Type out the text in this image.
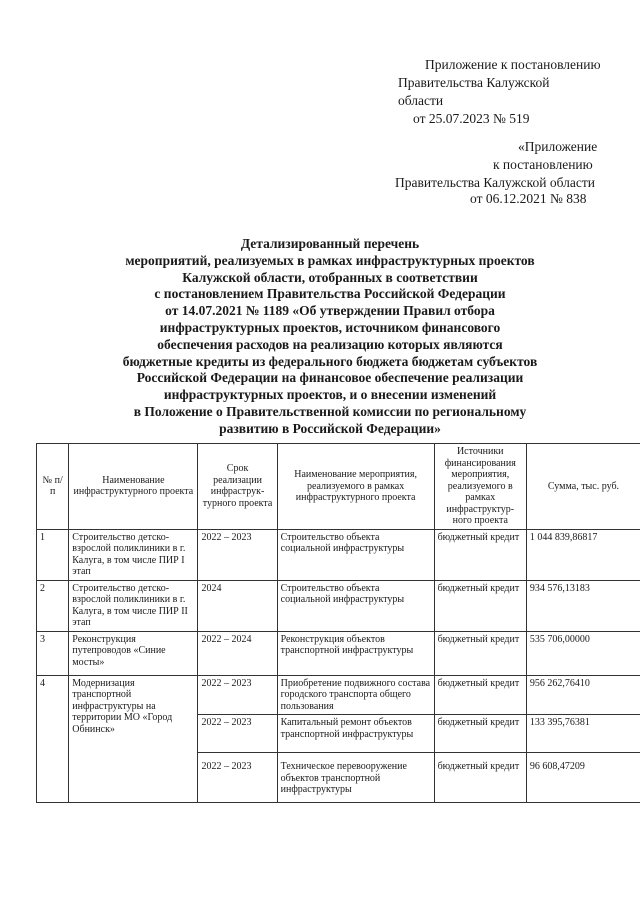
Приложение к постановлению
Правительства Калужской
области
от 25.07.2023 № 519
«Приложение
к постановлению
Правительства Калужской области
от 06.12.2021 № 838
Детализированный перечень
мероприятий, реализуемых в рамках инфраструктурных проектов
Калужской области, отобранных в соответствии
с постановлением Правительства Российской Федерации
от 14.07.2021 № 1189 «Об утверждении Правил отбора
инфраструктурных проектов, источником финансового
обеспечения расходов на реализацию которых являются
бюджетные кредиты из федерального бюджета бюджетам субъектов
Российской Федерации на финансовое обеспечение реализации
инфраструктурных проектов, и о внесении изменений
в Положение о Правительственной комиссии по региональному
развитию в Российской Федерации»
№ п/п	Наименование инфраструктурного проекта	Срок реализации инфраструк-турного проекта	Наименование мероприятия, реализуемого в рамках инфраструктурного проекта	Источники финансирования мероприятия, реализуемого в рамках инфраструктур-ного проекта	Сумма, тыс. руб.
1	Строительство детско-взрослой поликлиники в г. Калуга, в том числе ПИР I этап	2022 – 2023	Строительство объекта социальной инфраструктуры	бюджетный кредит	1 044 839,86817
2	Строительство детско-взрослой поликлиники в г. Калуга, в том числе ПИР II этап	2024	Строительство объекта социальной инфраструктуры	бюджетный кредит	934 576,13183
3	Реконструкция путепроводов «Синие мосты»	2022 – 2024	Реконструкция объектов транспортной инфраструктуры	бюджетный кредит	535 706,00000
4	Модернизация транспортной инфраструктуры на территории МО «Город Обнинск»	2022 – 2023	Приобретение подвижного состава городского транспорта общего пользования	бюджетный кредит	956 262,76410
		2022 – 2023	Капитальный ремонт объектов транспортной инфраструктуры	бюджетный кредит	133 395,76381
		2022 – 2023	Техническое перевооружение объектов транспортной инфраструктуры	бюджетный кредит	96 608,47209
